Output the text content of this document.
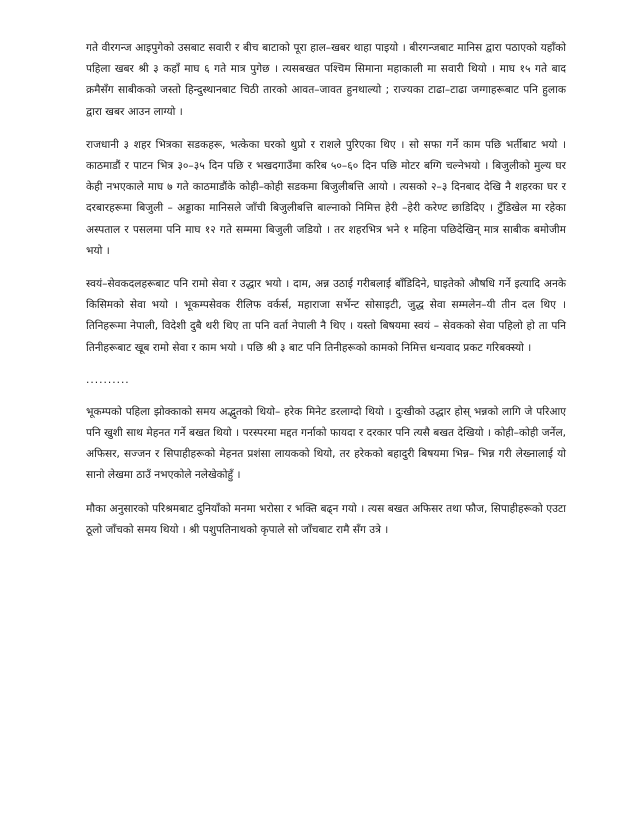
गते वीरगन्ज आइपुगेको उसबाट सवारी र बीच बाटाको पूरा हाल–खबर थाहा पाइयो । बीरगन्जबाट मानिस द्वारा पठाएको यहाँको पहिला खबर श्री ३ कहाँ माघ ६ गते मात्र पुगेछ । त्यसबखत पश्चिम सिमाना महाकाली मा सवारी थियो । माघ १५ गते बाद क्रमैसँग साबीकको जस्तो हिन्दुस्थानबाट चिठी तारको आवत–जावत हुनथाल्यो ; राज्यका टाढा–टाढा जग्गाहरूबाट पनि हुलाक द्वारा खबर आउन लाग्यो ।

राजधानी ३ शहर भित्रका सडकहरू, भत्केका घरको थुप्रो र राशले पुरिएका थिए । सो सफा गर्ने काम पछि भर्तीबाट भयो । काठमाडौं र पाटन भित्र ३०–३५ दिन पछि र भखदगाउँमा करिब ५०–६० दिन पछि मोटर बग्गि चल्नेभयो । बिजुलीको मुल्य घर केही नभएकाले माघ ७ गते काठमाडौंके कोही–कोही सडकमा बिजुलीबत्ति आयो । त्यसको २–३ दिनबाद देखि नै शहरका घर र दरबारहरूमा बिजुली – अड्डाका मानिसले जाँची बिजुलीबत्ति बाल्नाको निमित्त हेरी –हेरी करेण्ट छाडिदिए । टुँडिखेल मा रहेका अस्पताल र पसलमा पनि माघ १२ गते सम्ममा बिजुली जडियो । तर शहरभित्र भने १ महिना पछिदेखिन् मात्र साबीक बमोजीम भयो ।

स्वयं–सेवकदलहरूबाट पनि रामो सेवा र उद्धार भयो । दाम, अन्न उठाई गरीबलाई बाँडिदिने, घाइतेको औषधि गर्ने इत्यादि अनके किसिमको सेवा भयो । भूकम्पसेवक रीलिफ वर्कर्स, महाराजा सर्भेन्ट सोसाइटी, जुद्ध सेवा सम्मलेन–यी तीन दल थिए । तिनिहरूमा नेपाली, विदेशी दुबै थरी थिए ता पनि वर्ता नेपाली नै थिए । यस्तो बिषयमा स्वयं – सेवकको सेवा पहिलो हो ता पनि तिनीहरूबाट खूब रामो सेवा र काम भयो । पछि श्री ३ बाट पनि तिनीहरूको कामको निमित्त धन्यवाद प्रकट गरिबक्स्यो ।

..........

भूकम्पको पहिला झोक्काको समय अद्भुतको थियो– हरेक मिनेट डरलाग्दो थियो । दुःखीको उद्धार होस् भन्नको लागि जे परिआए पनि खुशी साथ मेहनत गर्ने बखत थियो । परस्परमा मद्दत गर्नाको फायदा र दरकार पनि त्यसै बखत देखियो । कोही–कोही जर्नेल, अफिसर, सज्जन र सिपाहीहरूको मेहनत प्रशंसा लायकको थियो, तर हरेकको बहादुरी बिषयमा भिन्न– भिन्न गरी लेख्नालाई यो सानो लेखमा ठाउँ नभएकोले नलेखेकोहुँ ।

मौका अनुसारको परिश्रमबाट दुनियाँको मनमा भरोसा र भक्ति बढ्न गयो । त्यस बखत अफिसर तथा फौज, सिपाहीहरूको एउटा ठूलो जाँचको समय थियो । श्री पशुपतिनाथको कृपाले सो जाँचबाट रामै सँग उत्रे ।
